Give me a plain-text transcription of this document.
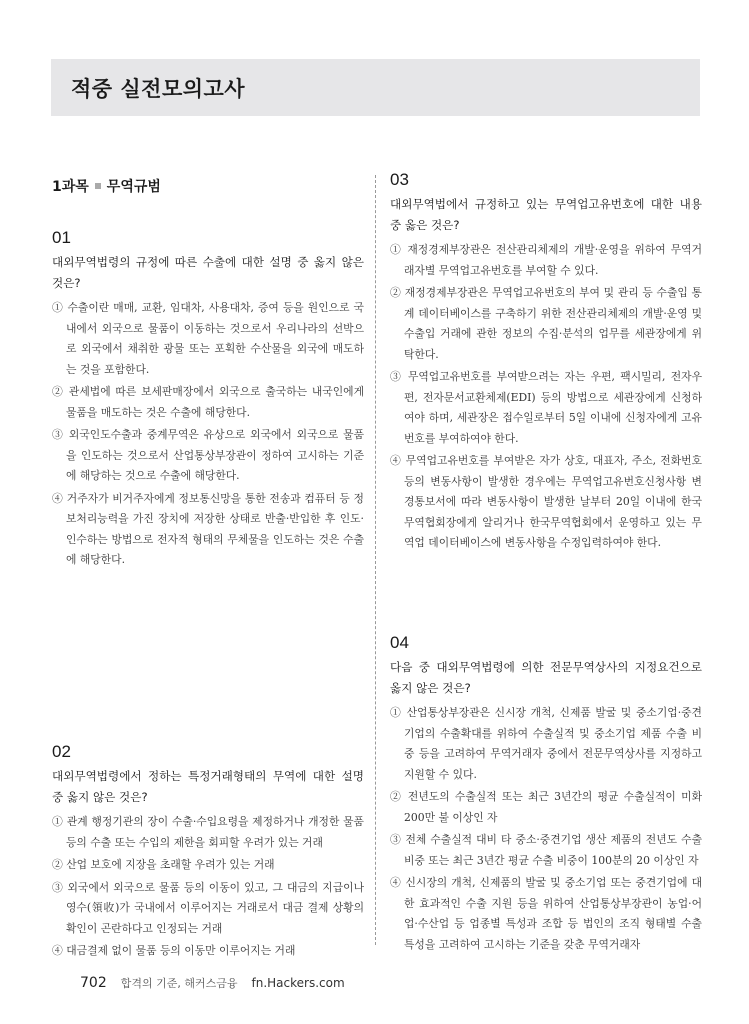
적중 실전모의고사
1과목 무역규범
01
대외무역법령의 규정에 따른 수출에 대한 설명 중 옳지 않은 것은?
① 수출이란 매매, 교환, 임대차, 사용대차, 증여 등을 원인으로 국내에서 외국으로 물품이 이동하는 것으로서 우리나라의 선박으로 외국에서 채취한 광물 또는 포획한 수산물을 외국에 매도하는 것을 포함한다.
② 관세법에 따른 보세판매장에서 외국으로 출국하는 내국인에게 물품을 매도하는 것은 수출에 해당한다.
③ 외국인도수출과 중계무역은 유상으로 외국에서 외국으로 물품을 인도하는 것으로서 산업통상부장관이 정하여 고시하는 기준에 해당하는 것으로 수출에 해당한다.
④ 거주자가 비거주자에게 정보통신망을 통한 전송과 컴퓨터 등 정보처리능력을 가진 장치에 저장한 상태로 반출·반입한 후 인도·인수하는 방법으로 전자적 형태의 무체물을 인도하는 것은 수출에 해당한다.
02
대외무역법령에서 정하는 특정거래형태의 무역에 대한 설명 중 옳지 않은 것은?
① 관계 행정기관의 장이 수출·수입요령을 제정하거나 개정한 물품 등의 수출 또는 수입의 제한을 회피할 우려가 있는 거래
② 산업 보호에 지장을 초래할 우려가 있는 거래
③ 외국에서 외국으로 물품 등의 이동이 있고, 그 대금의 지급이나 영수(領收)가 국내에서 이루어지는 거래로서 대금 결제 상황의 확인이 곤란하다고 인정되는 거래
④ 대금결제 없이 물품 등의 이동만 이루어지는 거래
03
대외무역법에서 규정하고 있는 무역업고유번호에 대한 내용 중 옳은 것은?
① 재정경제부장관은 전산관리체제의 개발·운영을 위하여 무역거래자별 무역업고유번호를 부여할 수 있다.
② 재정경제부장관은 무역업고유번호의 부여 및 관리 등 수출입 통계 데이터베이스를 구축하기 위한 전산관리체제의 개발·운영 및 수출입 거래에 관한 정보의 수집·분석의 업무를 세관장에게 위탁한다.
③ 무역업고유번호를 부여받으려는 자는 우편, 팩시밀리, 전자우편, 전자문서교환체제(EDI) 등의 방법으로 세관장에게 신청하여야 하며, 세관장은 접수일로부터 5일 이내에 신청자에게 고유번호를 부여하여야 한다.
④ 무역업고유번호를 부여받은 자가 상호, 대표자, 주소, 전화번호 등의 변동사항이 발생한 경우에는 무역업고유번호신청사항 변경통보서에 따라 변동사항이 발생한 날부터 20일 이내에 한국무역협회장에게 알리거나 한국무역협회에서 운영하고 있는 무역업 데이터베이스에 변동사항을 수정입력하여야 한다.
04
다음 중 대외무역법령에 의한 전문무역상사의 지정요건으로 옳지 않은 것은?
① 산업통상부장관은 신시장 개척, 신제품 발굴 및 중소기업·중견기업의 수출확대를 위하여 수출실적 및 중소기업 제품 수출 비중 등을 고려하여 무역거래자 중에서 전문무역상사를 지정하고 지원할 수 있다.
② 전년도의 수출실적 또는 최근 3년간의 평균 수출실적이 미화 200만 불 이상인 자
③ 전체 수출실적 대비 타 중소·중견기업 생산 제품의 전년도 수출 비중 또는 최근 3년간 평균 수출 비중이 100분의 20 이상인 자
④ 신시장의 개척, 신제품의 발굴 및 중소기업 또는 중견기업에 대한 효과적인 수출 지원 등을 위하여 산업통상부장관이 농업·어업·수산업 등 업종별 특성과 조합 등 법인의 조직 형태별 수출 특성을 고려하여 고시하는 기준을 갖춘 무역거래자
702 합격의 기준, 해커스금융 fn.Hackers.com
